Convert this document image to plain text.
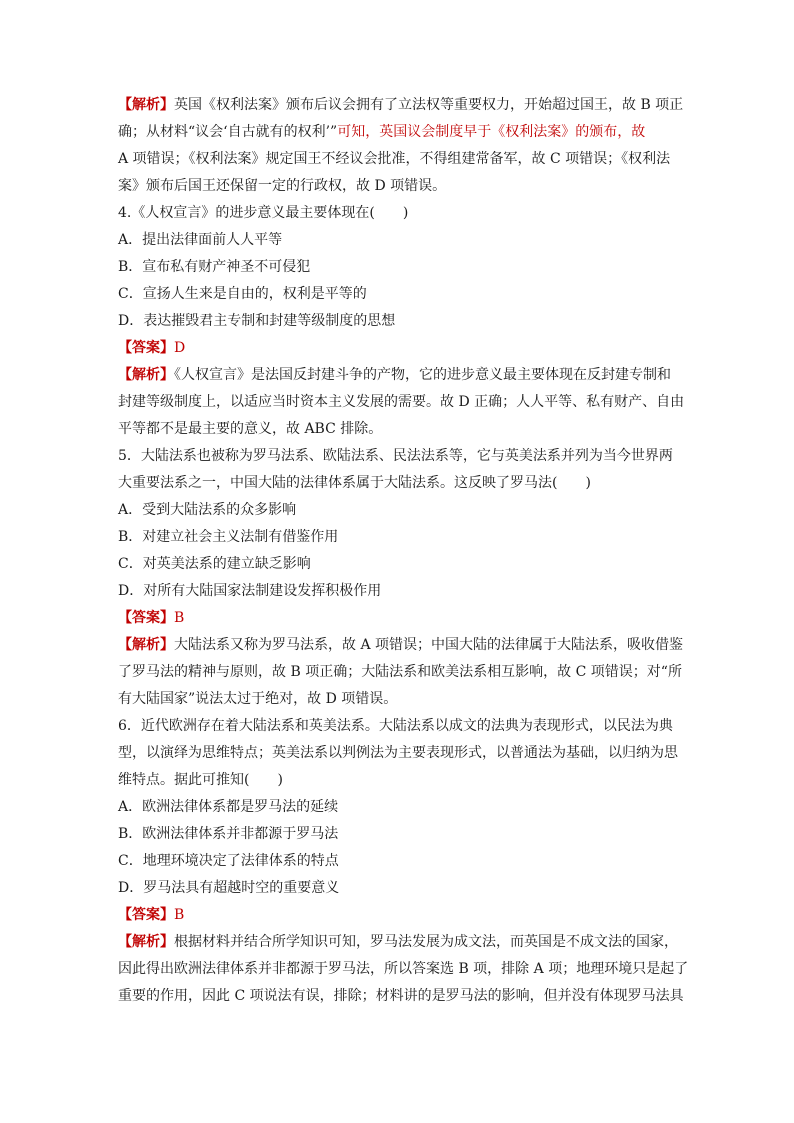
【解析】英国《权利法案》颁布后议会拥有了立法权等重要权力，开始超过国王，故 B 项正
确；从材料“议会‘自古就有的权利’”可知，英国议会制度早于《权利法案》的颁布，故
A 项错误；《权利法案》规定国王不经议会批准，不得组建常备军，故 C 项错误；《权利法
案》颁布后国王还保留一定的行政权，故 D 项错误。
4.《人权宣言》的进步意义最主要体现在(　　)
A．提出法律面前人人平等
B．宣布私有财产神圣不可侵犯
C．宣扬人生来是自由的，权利是平等的
D．表达摧毁君主专制和封建等级制度的思想
【答案】D
【解析】《人权宣言》是法国反封建斗争的产物，它的进步意义最主要体现在反封建专制和
封建等级制度上，以适应当时资本主义发展的需要。故 D 正确；人人平等、私有财产、自由
平等都不是最主要的意义，故 ABC 排除。
5．大陆法系也被称为罗马法系、欧陆法系、民法法系等，它与英美法系并列为当今世界两
大重要法系之一，中国大陆的法律体系属于大陆法系。这反映了罗马法(　　)
A．受到大陆法系的众多影响
B．对建立社会主义法制有借鉴作用
C．对英美法系的建立缺乏影响
D．对所有大陆国家法制建设发挥积极作用
【答案】B
【解析】大陆法系又称为罗马法系，故 A 项错误；中国大陆的法律属于大陆法系，吸收借鉴
了罗马法的精神与原则，故 B 项正确；大陆法系和欧美法系相互影响，故 C 项错误；对“所
有大陆国家”说法太过于绝对，故 D 项错误。
6．近代欧洲存在着大陆法系和英美法系。大陆法系以成文的法典为表现形式，以民法为典
型，以演绎为思维特点；英美法系以判例法为主要表现形式，以普通法为基础，以归纳为思
维特点。据此可推知(　　)
A．欧洲法律体系都是罗马法的延续
B．欧洲法律体系并非都源于罗马法
C．地理环境决定了法律体系的特点
D．罗马法具有超越时空的重要意义
【答案】B
【解析】根据材料并结合所学知识可知，罗马法发展为成文法，而英国是不成文法的国家，
因此得出欧洲法律体系并非都源于罗马法，所以答案选 B 项，排除 A 项；地理环境只是起了
重要的作用，因此 C 项说法有误，排除；材料讲的是罗马法的影响，但并没有体现罗马法具
